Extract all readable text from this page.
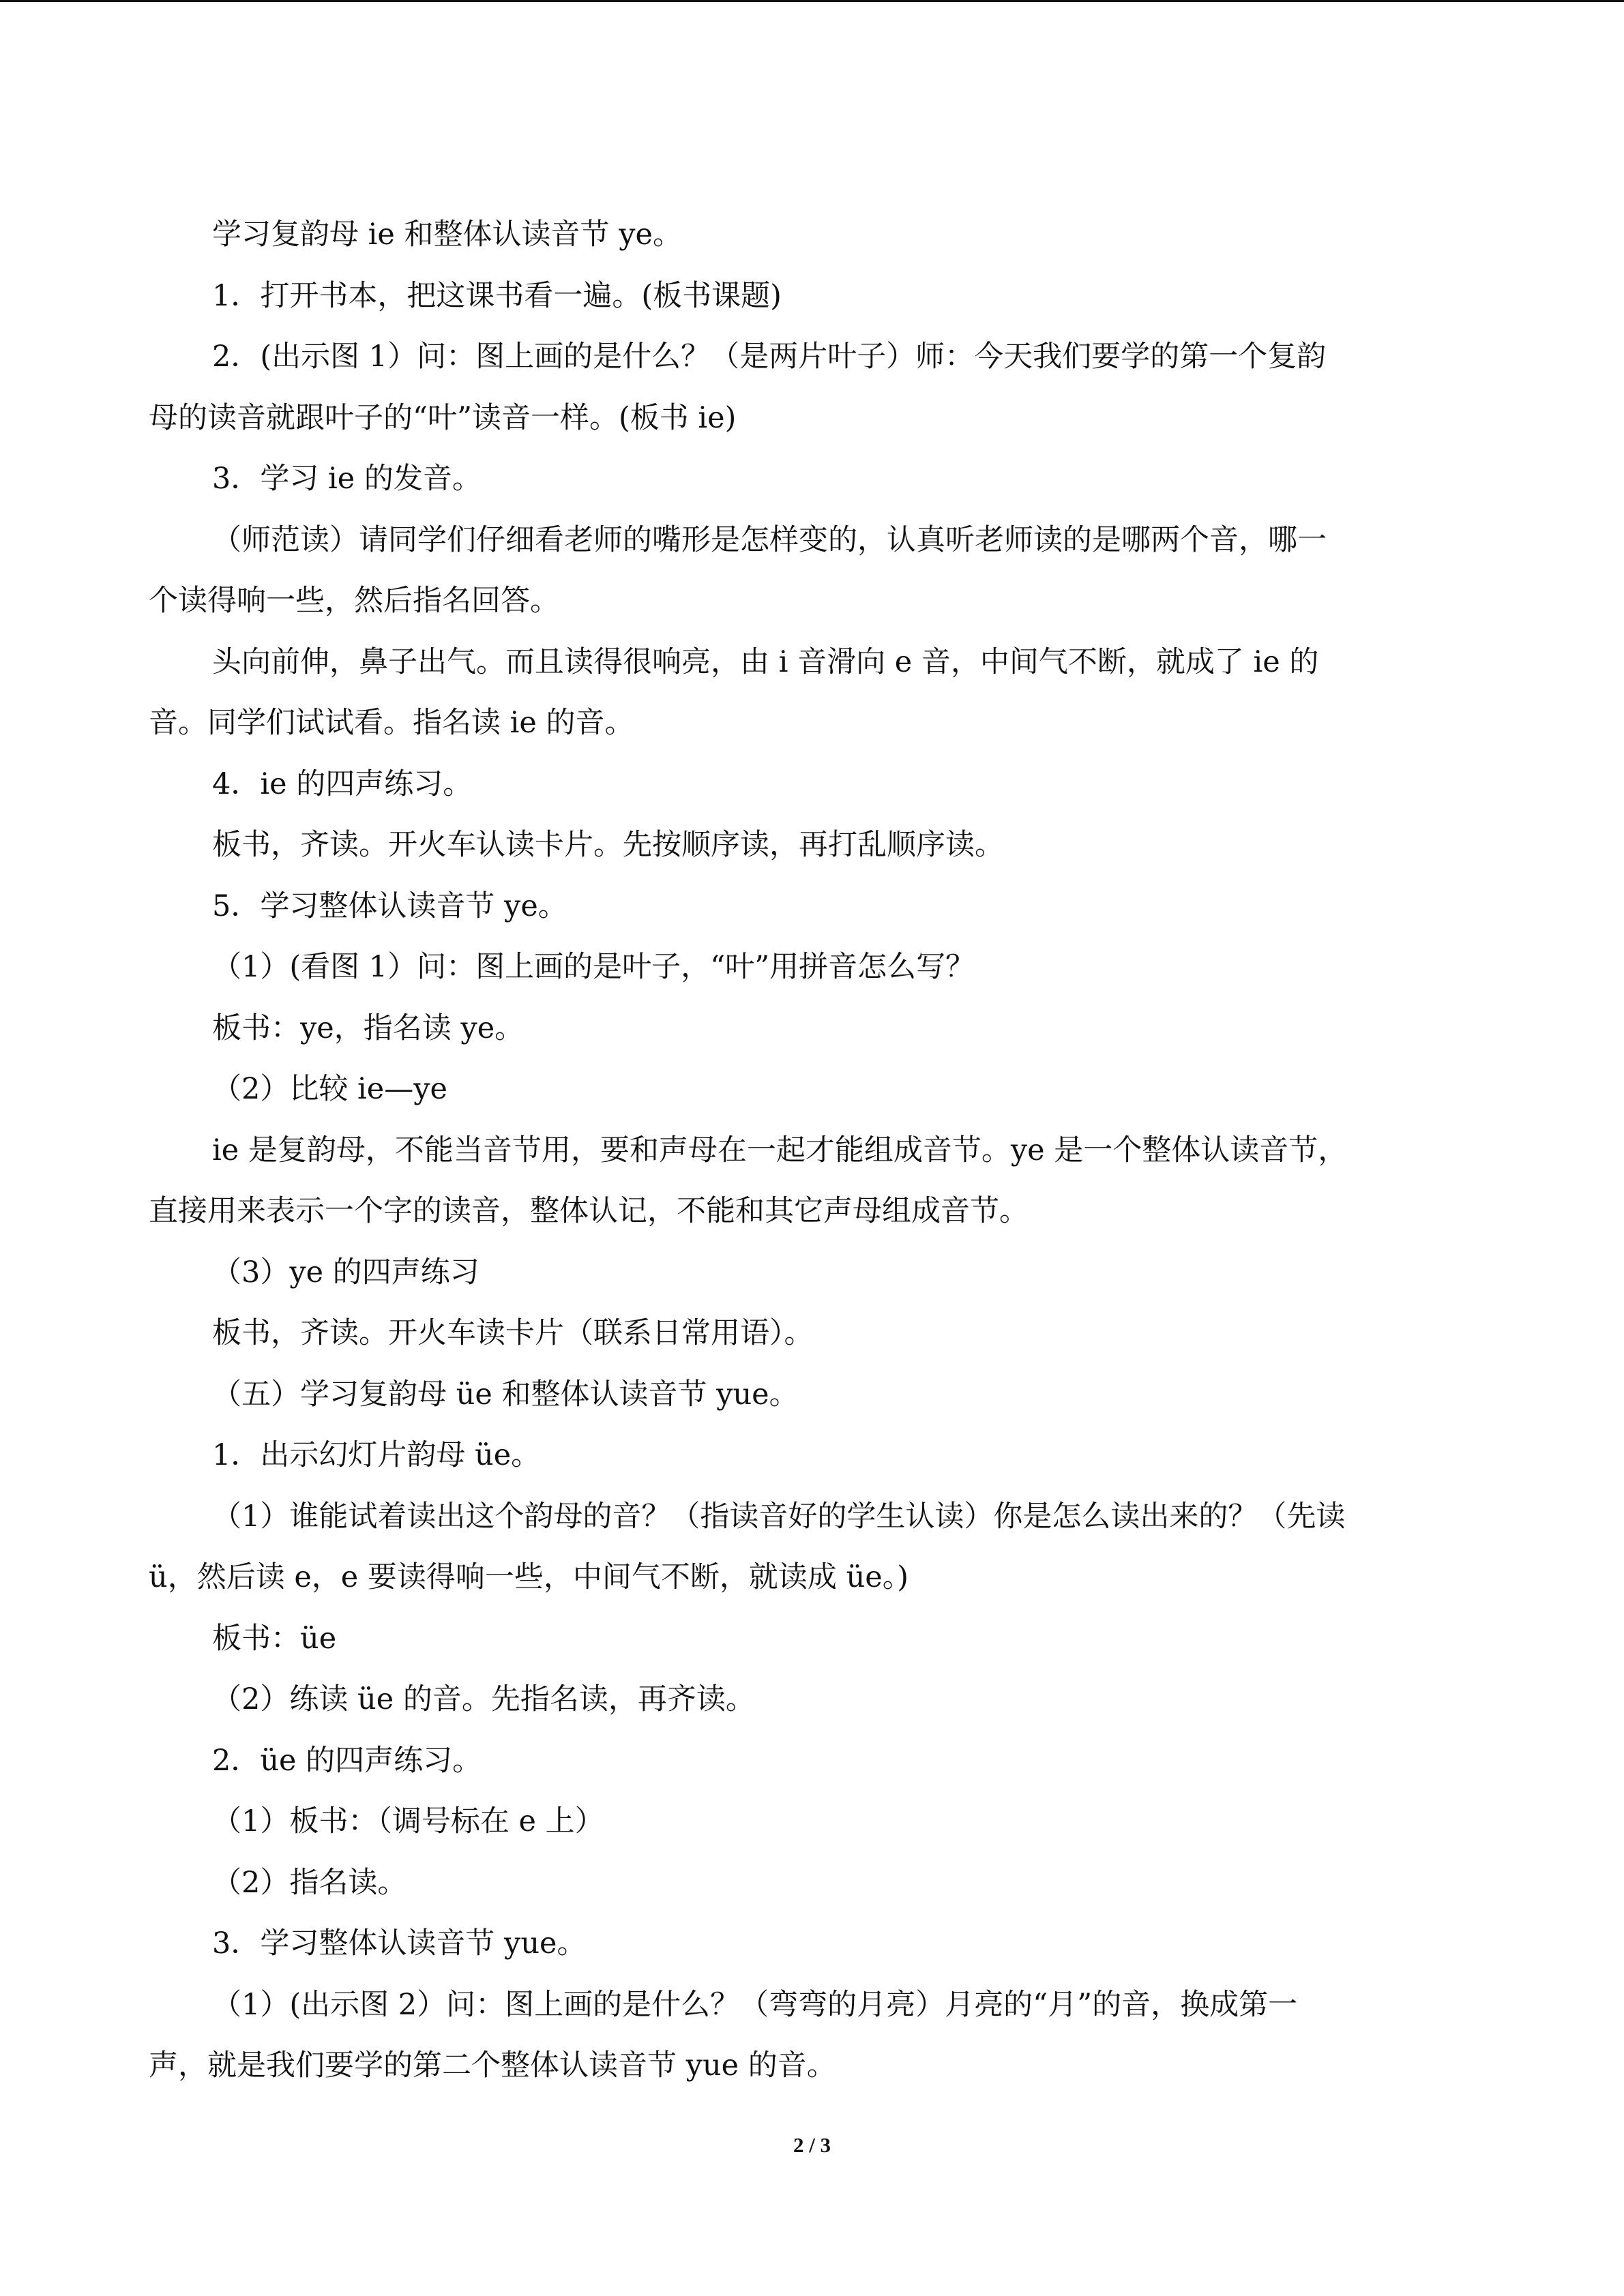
学习复韵母 ie 和整体认读音节 ye。
1．打开书本，把这课书看一遍。(板书课题)
2．(出示图 1）问：图上画的是什么？（是两片叶子）师：今天我们要学的第一个复韵
母的读音就跟叶子的“叶”读音一样。(板书 ie)
3．学习 ie 的发音。
（师范读）请同学们仔细看老师的嘴形是怎样变的，认真听老师读的是哪两个音，哪一
个读得响一些，然后指名回答。
头向前伸，鼻子出气。而且读得很响亮，由 i 音滑向 e 音，中间气不断，就成了 ie 的
音。同学们试试看。指名读 ie 的音。
4．ie 的四声练习。
板书，齐读。开火车认读卡片。先按顺序读，再打乱顺序读。
5．学习整体认读音节 ye。
（1）(看图 1）问：图上画的是叶子，“叶”用拼音怎么写？
板书：ye，指名读 ye。
（2）比较 ie—ye
ie 是复韵母，不能当音节用，要和声母在一起才能组成音节。ye 是一个整体认读音节，
直接用来表示一个字的读音，整体认记，不能和其它声母组成音节。
（3）ye 的四声练习
板书，齐读。开火车读卡片（联系日常用语）。
（五）学习复韵母 üe 和整体认读音节 yue。
1．出示幻灯片韵母 üe。
（1）谁能试着读出这个韵母的音？（指读音好的学生认读）你是怎么读出来的？（先读
ü，然后读 e，e 要读得响一些，中间气不断，就读成 üe。)
板书：üe
（2）练读 üe 的音。先指名读，再齐读。
2．üe 的四声练习。
（1）板书：（调号标在 e 上）
（2）指名读。
3．学习整体认读音节 yue。
（1）(出示图 2）问：图上画的是什么？（弯弯的月亮）月亮的“月”的音，换成第一
声，就是我们要学的第二个整体认读音节 yue 的音。
2 / 3
